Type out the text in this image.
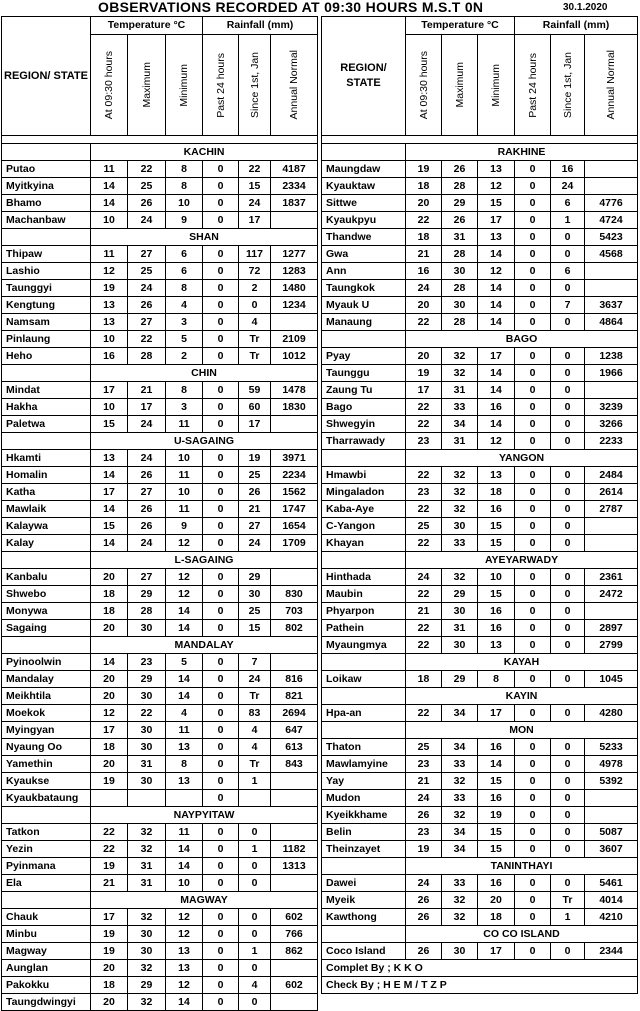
OBSERVATIONS RECORDED AT 09:30 HOURS M.S.T 0N	30.1.2020
REGION/ STATE	Temperature °C			Rainfall (mm)		

	At 09:30 hours	Maximum	Minimum	Past 24 hours	Since 1st, Jan	Annual Normal

	KACHIN					
Putao	11	22	8	0	22	4187
Myitkyina	14	25	8	0	15	2334
Bhamo	14	26	10	0	24	1837
Machanbaw	10	24	9	0	17	
	SHAN					
Thipaw	11	27	6	0	117	1277
Lashio	12	25	6	0	72	1283
Taunggyi	19	24	8	0	2	1480
Kengtung	13	26	4	0	0	1234
Namsam	13	27	3	0	4	
Pinlaung	10	22	5	0	Tr	2109
Heho	16	28	2	0	Tr	1012
	CHIN					
Mindat	17	21	8	0	59	1478
Hakha	10	17	3	0	60	1830
Paletwa	15	24	11	0	17	
	U-SAGAING					
Hkamti	13	24	10	0	19	3971
Homalin	14	26	11	0	25	2234
Katha	17	27	10	0	26	1562
Mawlaik	14	26	11	0	21	1747
Kalaywa	15	26	9	0	27	1654
Kalay	14	24	12	0	24	1709
	L-SAGAING					
Kanbalu	20	27	12	0	29	
Shwebo	18	29	12	0	30	830
Monywa	18	28	14	0	25	703
Sagaing	20	30	14	0	15	802
	MANDALAY					
Pyinoolwin	14	23	5	0	7	
Mandalay	20	29	14	0	24	816
Meikhtila	20	30	14	0	Tr	821
Moekok	12	22	4	0	83	2694
Myingyan	17	30	11	0	4	647
Nyaung Oo	18	30	13	0	4	613
Yamethin	20	31	8	0	Tr	843
Kyaukse	19	30	13	0	1	
Kyaukbataung				0		
	NAYPYITAW					
Tatkon	22	32	11	0	0	
Yezin	22	32	14	0	1	1182
Pyinmana	19	31	14	0	0	1313
Ela	21	31	10	0	0	
	MAGWAY					
Chauk	17	32	12	0	0	602
Minbu	19	30	12	0	0	766
Magway	19	30	13	0	1	862
Aunglan	20	32	13	0	0	
Pakokku	18	29	12	0	4	602
Taungdwingyi	20	32	14	0	0	
REGION/ STATE	Temperature °C			Rainfall (mm)		

	At 09:30 hours	Maximum	Minimum	Past 24 hours	Since 1st, Jan	Annual Normal

	RAKHINE					
Maungdaw	19	26	13	0	16	
Kyauktaw	18	28	12	0	24	
Sittwe	20	29	15	0	6	4776
Kyaukpyu	22	26	17	0	1	4724
Thandwe	18	31	13	0	0	5423
Gwa	21	28	14	0	0	4568
Ann	16	30	12	0	6	
Taungkok	24	28	14	0	0	
Myauk U	20	30	14	0	7	3637
Manaung	22	28	14	0	0	4864
	BAGO					
Pyay	20	32	17	0	0	1238
Taunggu	19	32	14	0	0	1966
Zaung Tu	17	31	14	0	0	
Bago	22	33	16	0	0	3239
Shwegyin	22	34	14	0	0	3266
Tharrawady	23	31	12	0	0	2233
	YANGON					
Hmawbi	22	32	13	0	0	2484
Mingaladon	23	32	18	0	0	2614
Kaba-Aye	22	32	16	0	0	2787
C-Yangon	25	30	15	0	0	
Khayan	22	33	15	0	0	
	AYEYARWADY					
Hinthada	24	32	10	0	0	2361
Maubin	22	29	15	0	0	2472
Phyarpon	21	30	16	0	0	
Pathein	22	31	16	0	0	2897
Myaungmya	22	30	13	0	0	2799
	KAYAH					
Loikaw	18	29	8	0	0	1045
	KAYIN					
Hpa-an	22	34	17	0	0	4280
	MON					
Thaton	25	34	16	0	0	5233
Mawlamyine	23	33	14	0	0	4978
Yay	21	32	15	0	0	5392
Mudon	24	33	16	0	0	
Kyeikkhame	26	32	19	0	0	
Belin	23	34	15	0	0	5087
Theinzayet	19	34	15	0	0	3607
	TANINTHAYI					
Dawei	24	33	16	0	0	5461
Myeik	26	32	20	0	Tr	4014
Kawthong	26	32	18	0	1	4210
	CO CO ISLAND					
Coco Island	26	30	17	0	0	2344
Complet By ; K K O						
Check By ; H E M / T Z P						
